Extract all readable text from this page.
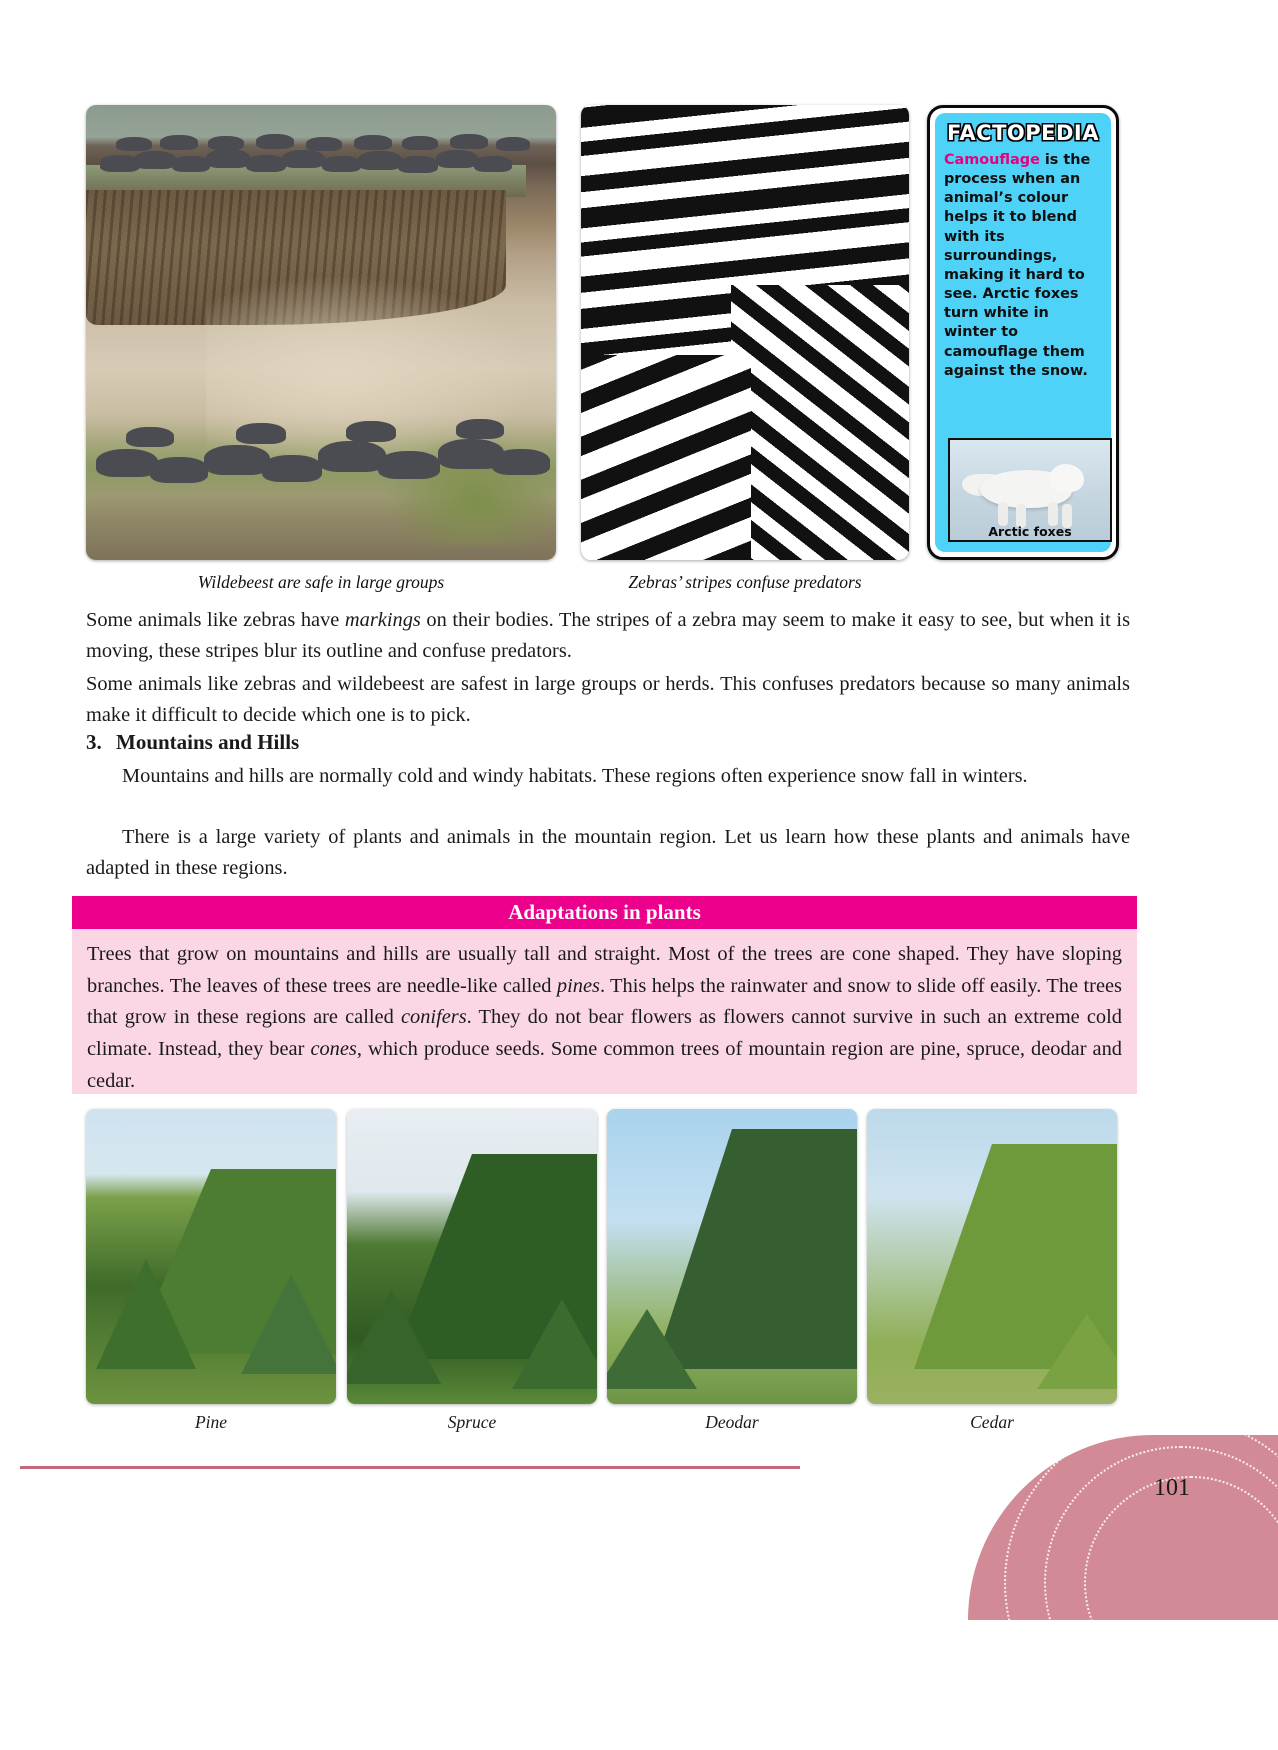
FACTOPEDIA
Camouflage is the process when an animal’s colour helps it to blend with its surroundings, making it hard to see. Arctic foxes turn white in winter to camouflage them against the snow.
Arctic foxes
Wildebeest are safe in large groups	Zebras’ stripes confuse predators
Some animals like zebras have markings on their bodies. The stripes of a zebra may seem to make it easy to see, but when it is moving, these stripes blur its outline and confuse predators.
Some animals like zebras and wildebeest are safest in large groups or herds. This confuses predators because so many animals make it difficult to decide which one is to pick.
3. Mountains and Hills
Mountains and hills are normally cold and windy habitats. These regions often experience snow fall in winters.
There is a large variety of plants and animals in the mountain region. Let us learn how these plants and animals have adapted in these regions.
Adaptations in plants

Trees that grow on mountains and hills are usually tall and straight. Most of the trees are cone shaped. They have sloping branches. The leaves of these trees are needle-like called pines. This helps the rainwater and snow to slide off easily. The trees that grow in these regions are called conifers. They do not bear flowers as flowers cannot survive in such an extreme cold climate. Instead, they bear cones, which produce seeds. Some common trees of mountain region are pine, spruce, deodar and cedar.

Pine	Spruce	Deodar	Cedar
101
